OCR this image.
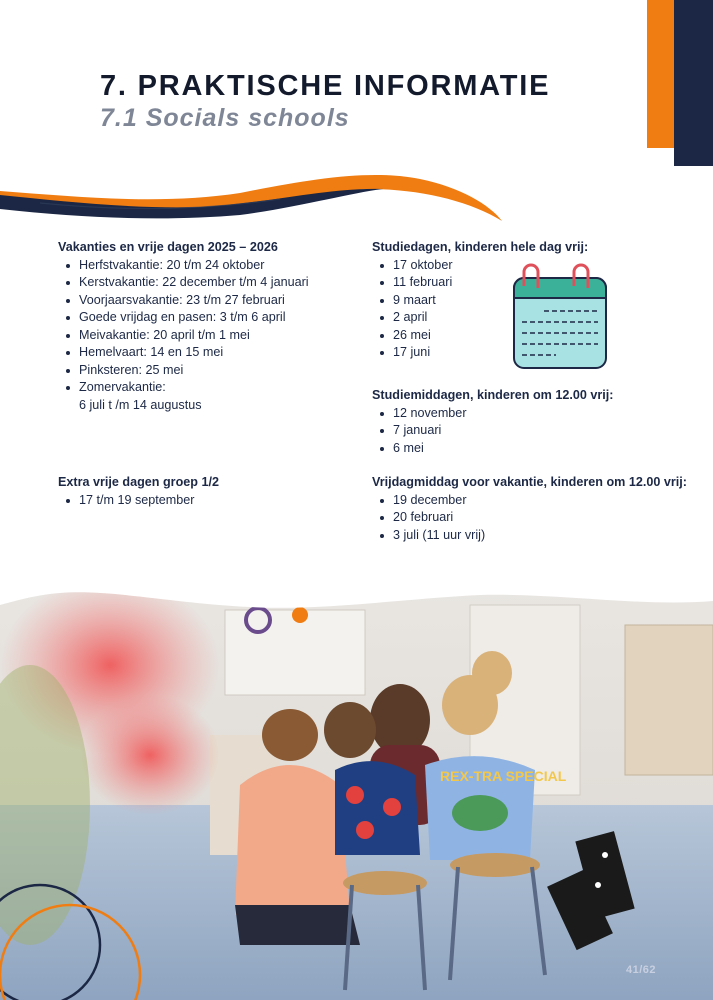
7. PRAKTISCHE INFORMATIE
7.1 Socials schools
Vakanties en vrije dagen 2025 – 2026
Herfstvakantie: 20 t/m 24 oktober
Kerstvakantie: 22 december t/m 4 januari
Voorjaarsvakantie: 23 t/m 27 februari
Goede vrijdag en pasen: 3 t/m 6 april
Meivakantie: 20 april t/m 1 mei
Hemelvaart: 14 en 15 mei
Pinksteren: 25 mei
Zomervakantie:
6 juli t /m 14 augustus
Extra vrije dagen groep 1/2
17 t/m 19 september
Studiedagen, kinderen hele dag vrij:
17 oktober
11 februari
9 maart
2 april
26 mei
17 juni
Studiemiddagen, kinderen om 12.00 vrij:
12 november
7 januari
6 mei
Vrijdagmiddag voor vakantie, kinderen om 12.00 vrij:
19 december
20 februari
3 juli (11 uur vrij)
REX-TRA SPECIAL
41/62
